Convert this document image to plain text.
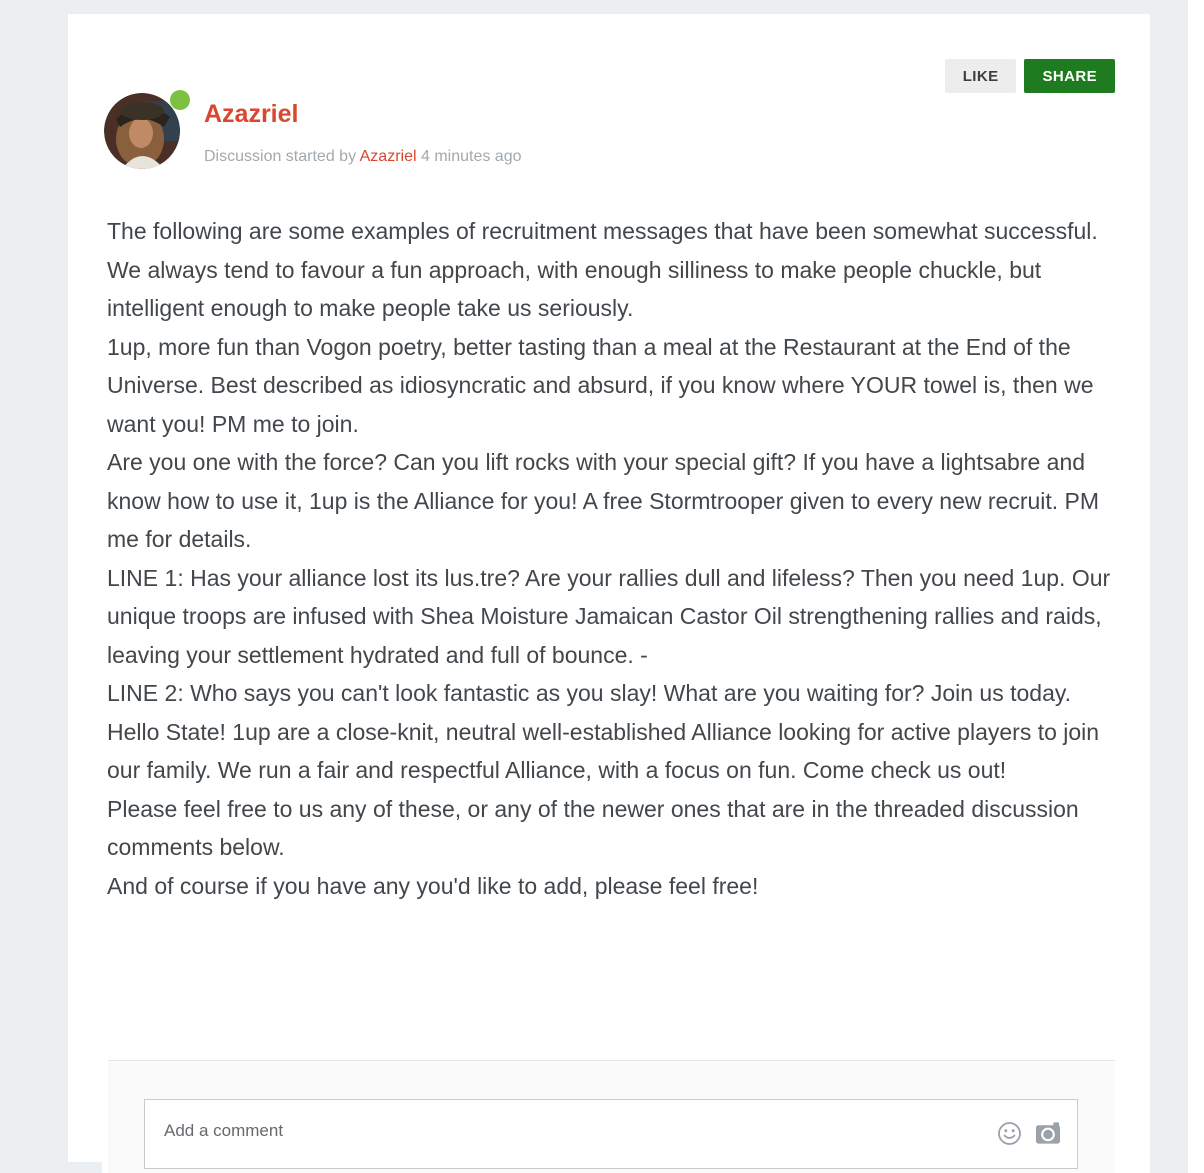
LIKE	SHARE
Azazriel
Discussion started by Azazriel 4 minutes ago

The following are some examples of recruitment messages that have been somewhat successful. We always tend to favour a fun approach, with enough silliness to make people chuckle, but intelligent enough to make people take us seriously.

1up, more fun than Vogon poetry, better tasting than a meal at the Restaurant at the End of the Universe. Best described as idiosyncratic and absurd, if you know where YOUR towel is, then we want you! PM me to join.

Are you one with the force? Can you lift rocks with your special gift? If you have a lightsabre and know how to use it, 1up is the Alliance for you! A free Stormtrooper given to every new recruit. PM me for details.

LINE 1: Has your alliance lost its lus.tre? Are your rallies dull and lifeless? Then you need 1up. Our unique troops are infused with Shea Moisture Jamaican Castor Oil strengthening rallies and raids, leaving your settlement hydrated and full of bounce. -

LINE 2: Who says you can't look fantastic as you slay! What are you waiting for? Join us today.

Hello State! 1up are a close-knit, neutral well-established Alliance looking for active players to join our family. We run a fair and respectful Alliance, with a focus on fun. Come check us out!

Please feel free to us any of these, or any of the newer ones that are in the threaded discussion comments below.

And of course if you have any you'd like to add, please feel free!

Add a comment
